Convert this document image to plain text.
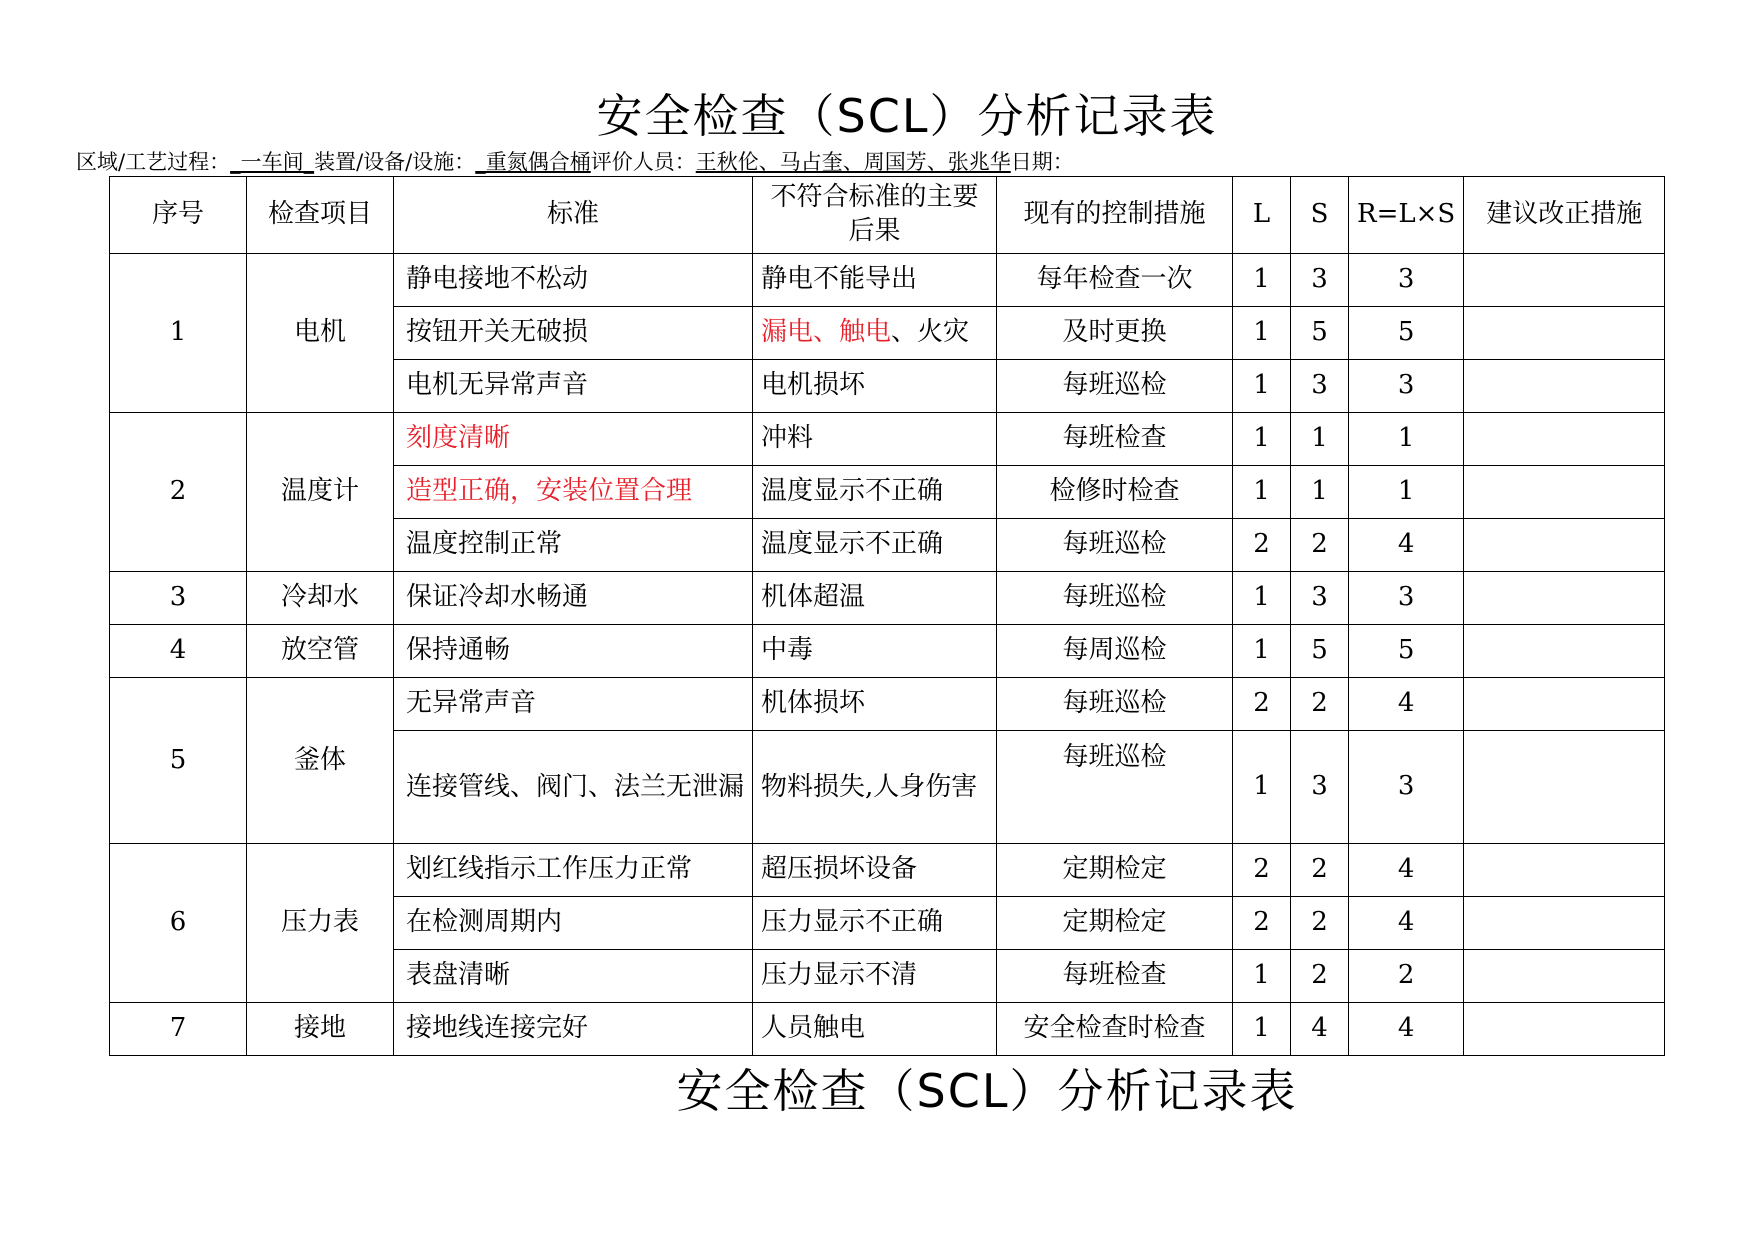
安全检查（SCL）分析记录表
区域/工艺过程：_一车间_装置/设备/设施：_重氮偶合桶评价人员：王秋伦、马占奎、周国芳、张兆华日期：
序号	检查项目	标准	不符合标准的主要后果	现有的控制措施	L	S	R=L×S	建议改正措施
1	电机	静电接地不松动	静电不能导出	每年检查一次	1	3	3	
		按钮开关无破损	漏电、触电、火灾	及时更换	1	5	5	
		电机无异常声音	电机损坏	每班巡检	1	3	3	
2	温度计	刻度清晰	冲料	每班检查	1	1	1	
		造型正确，安装位置合理	温度显示不正确	检修时检查	1	1	1	
		温度控制正常	温度显示不正确	每班巡检	2	2	4	
3	冷却水	保证冷却水畅通	机体超温	每班巡检	1	3	3	
4	放空管	保持通畅	中毒	每周巡检	1	5	5	
5	釜体	无异常声音	机体损坏	每班巡检	2	2	4	
		连接管线、阀门、法兰无泄漏	物料损失,人身伤害	每班巡检	1	3	3	
6	压力表	划红线指示工作压力正常	超压损坏设备	定期检定	2	2	4	
		在检测周期内	压力显示不正确	定期检定	2	2	4	
		表盘清晰	压力显示不清	每班检查	1	2	2	
7	接地	接地线连接完好	人员触电	安全检查时检查	1	4	4	
安全检查（SCL）分析记录表
